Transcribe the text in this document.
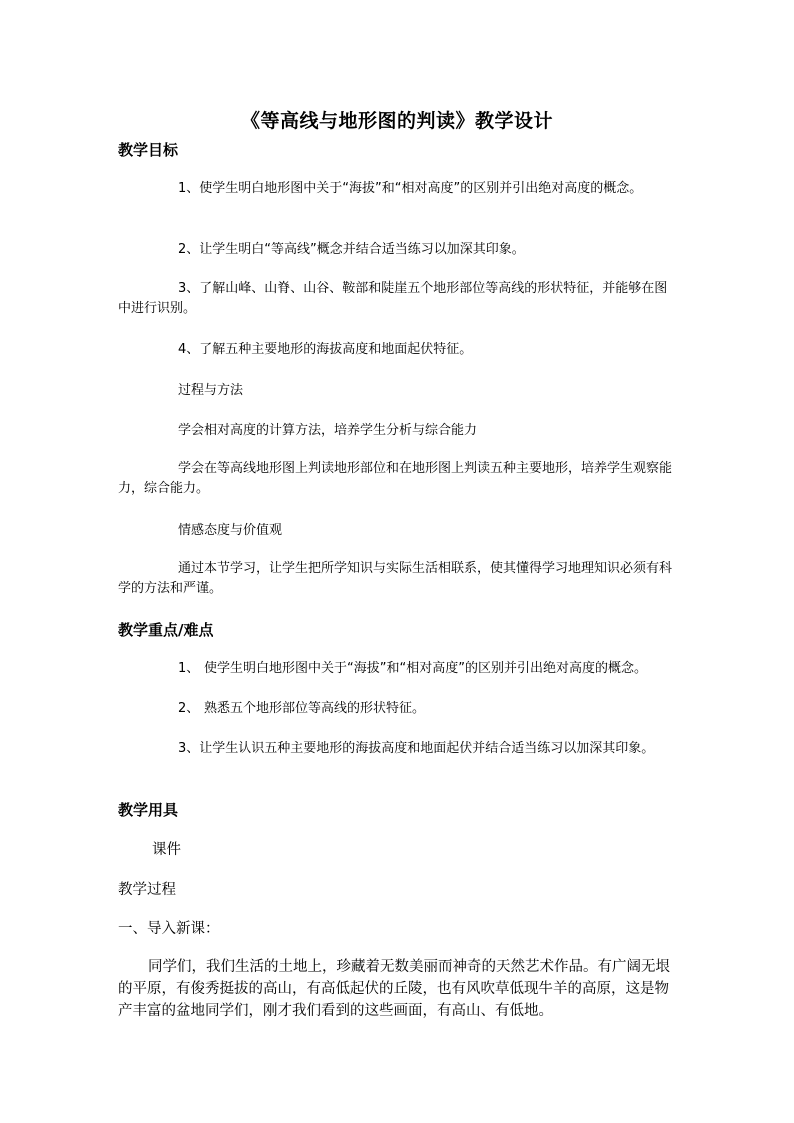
《等高线与地形图的判读》教学设计
教学目标
1、使学生明白地形图中关于“海拔”和“相对高度”的区别并引出绝对高度的概念。
2、让学生明白“等高线”概念并结合适当练习以加深其印象。
3、了解山峰、山脊、山谷、鞍部和陡崖五个地形部位等高线的形状特征，并能够在图中进行识别。
4、了解五种主要地形的海拔高度和地面起伏特征。
过程与方法
学会相对高度的计算方法，培养学生分析与综合能力
学会在等高线地形图上判读地形部位和在地形图上判读五种主要地形，培养学生观察能力，综合能力。
情感态度与价值观
通过本节学习，让学生把所学知识与实际生活相联系，使其懂得学习地理知识必须有科学的方法和严谨。
教学重点/难点
1、 使学生明白地形图中关于“海拔”和“相对高度”的区别并引出绝对高度的概念。
2、 熟悉五个地形部位等高线的形状特征。
3、让学生认识五种主要地形的海拔高度和地面起伏并结合适当练习以加深其印象。
教学用具
课件
教学过程
一、导入新课：
同学们，我们生活的土地上，珍藏着无数美丽而神奇的天然艺术作品。有广阔无垠的平原，有俊秀挺拔的高山，有高低起伏的丘陵，也有风吹草低现牛羊的高原，这是物产丰富的盆地同学们，刚才我们看到的这些画面，有高山、有低地。
